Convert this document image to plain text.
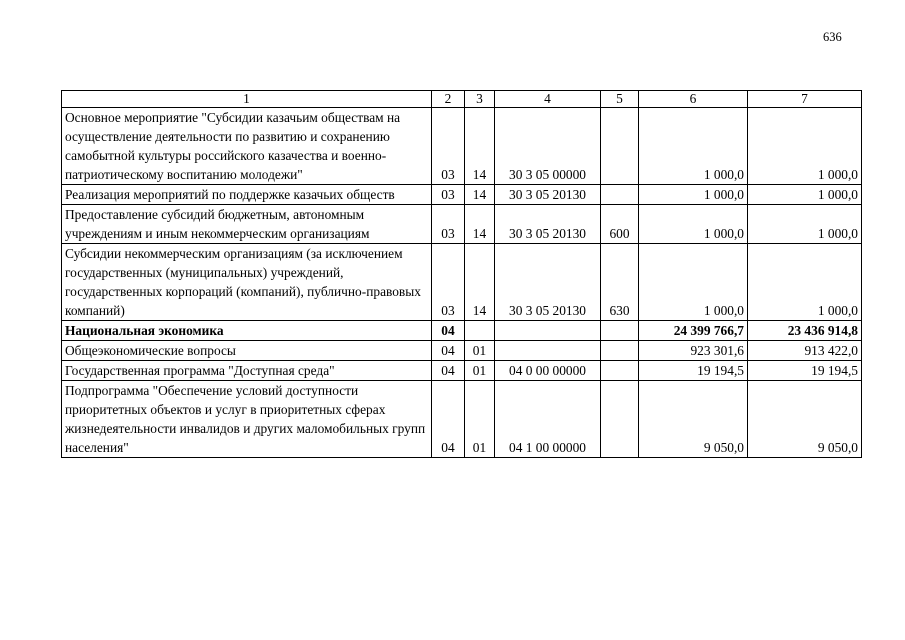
636
1	2	3	4	5	6	7
Основное мероприятие "Субсидии казачьим обществам на осуществление деятельности по развитию и сохранению самобытной культуры российского казачества и военно-патриотическому воспитанию молодежи"	03	14	30 3 05 00000		1 000,0	1 000,0
Реализация мероприятий по поддержке казачьих обществ	03	14	30 3 05 20130		1 000,0	1 000,0
Предоставление субсидий бюджетным, автономным учреждениям и иным некоммерческим организациям	03	14	30 3 05 20130	600	1 000,0	1 000,0
Субсидии некоммерческим организациям (за исключением государственных (муниципальных) учреждений, государственных корпораций (компаний), публично-правовых компаний)	03	14	30 3 05 20130	630	1 000,0	1 000,0
Национальная экономика	04				24 399 766,7	23 436 914,8
Общеэкономические вопросы	04	01			923 301,6	913 422,0
Государственная программа "Доступная среда"	04	01	04 0 00 00000		19 194,5	19 194,5
Подпрограмма "Обеспечение условий доступности приоритетных объектов и услуг в приоритетных сферах жизнедеятельности инвалидов и других маломобильных групп населения"	04	01	04 1 00 00000		9 050,0	9 050,0
